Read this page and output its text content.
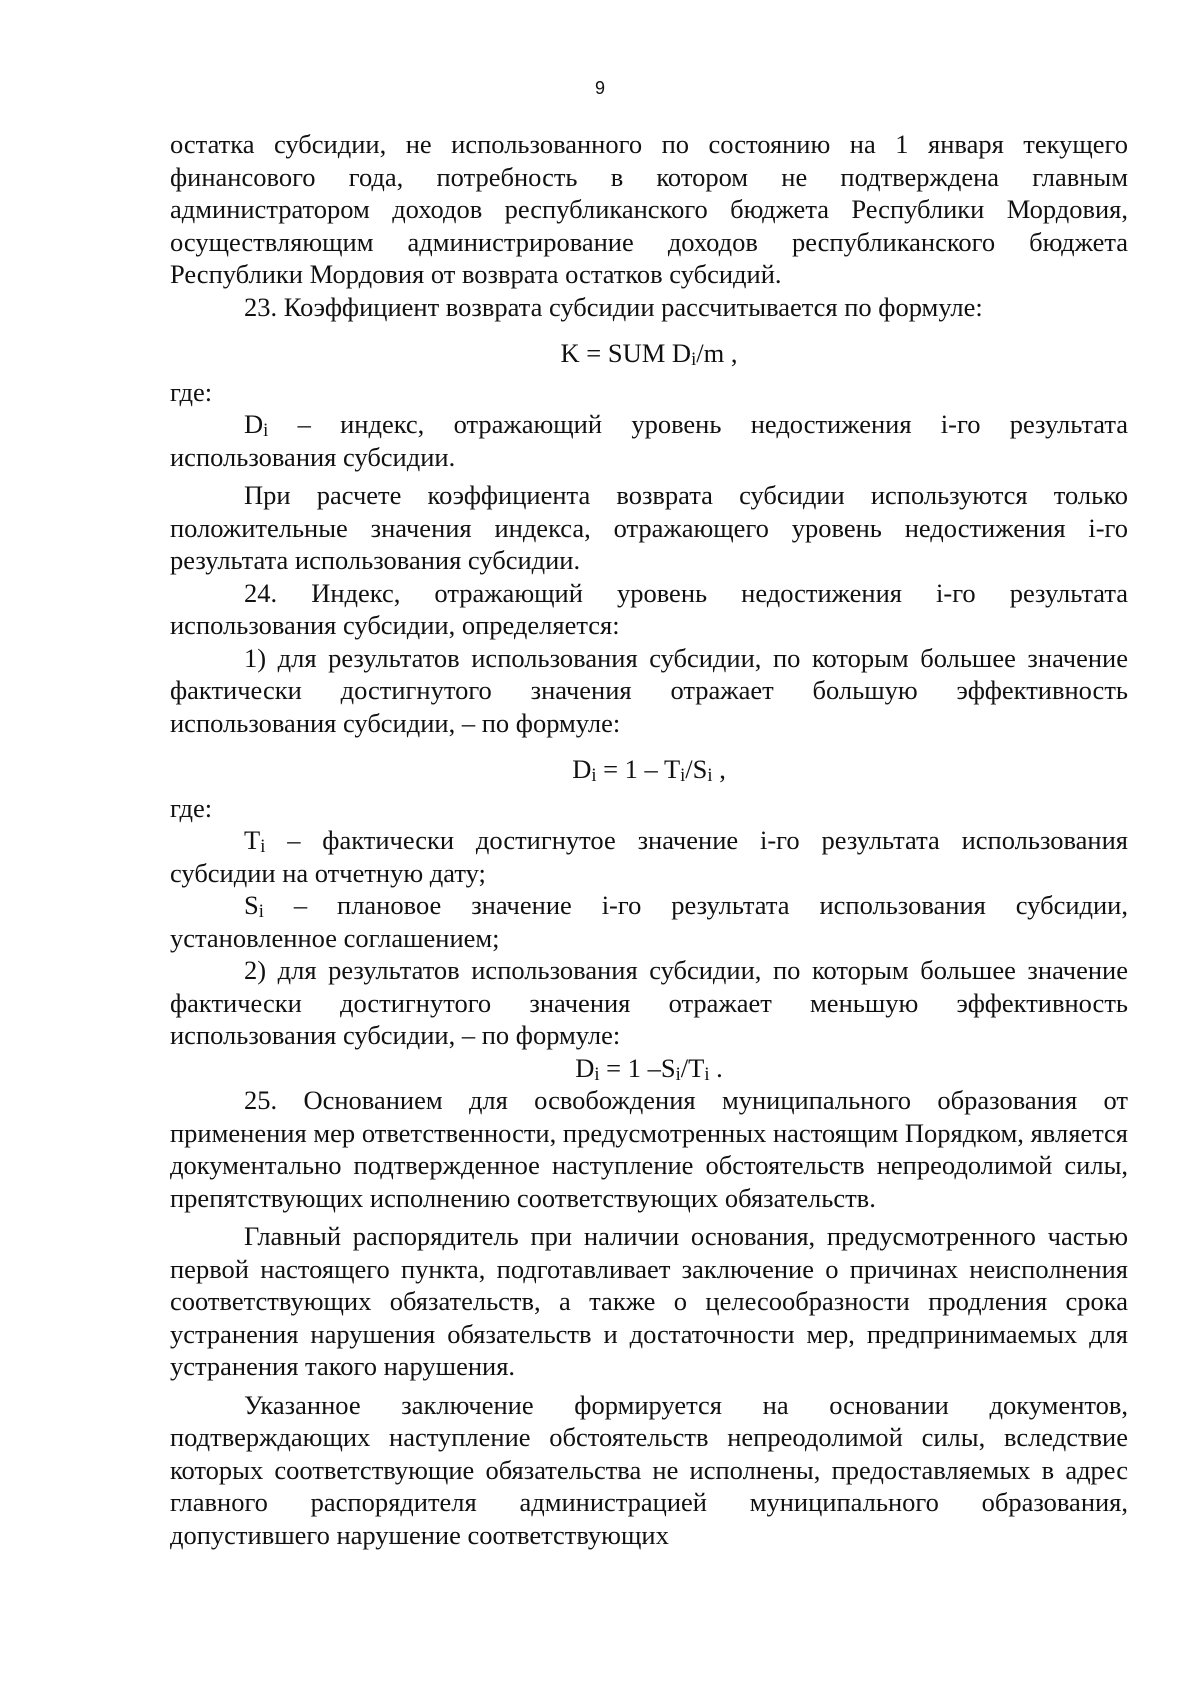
9

остатка субсидии, не использованного по состоянию на 1 января текущего финансового года, потребность в котором не подтверждена главным администратором доходов республиканского бюджета Республики Мордовия, осуществляющим администрирование доходов республиканского бюджета Республики Мордовия от возврата остатков субсидий.

23. Коэффициент возврата субсидии рассчитывается по формуле:

K = SUM $D_i/m$ ,

где:

$D_i$ – индекс, отражающий уровень недостижения i-го результата использования субсидии.

При расчете коэффициента возврата субсидии используются только положительные значения индекса, отражающего уровень недостижения i-го результата использования субсидии.

24. Индекс, отражающий уровень недостижения i-го результата использования субсидии, определяется:

1) для результатов использования субсидии, по которым большее значение фактически достигнутого значения отражает большую эффективность использования субсидии, – по формуле:

$D_i = 1 - T_i/S_i$ ,

где:

$T_i$ – фактически достигнутое значение i-го результата использования субсидии на отчетную дату;

$S_i$ – плановое значение i-го результата использования субсидии, установленное соглашением;

2) для результатов использования субсидии, по которым большее значение фактически достигнутого значения отражает меньшую эффективность использования субсидии, – по формуле:

$D_i = 1$ $-S_i/T_i$ .

25. Основанием для освобождения муниципального образования от применения мер ответственности, предусмотренных настоящим Порядком, является документально подтвержденное наступление обстоятельств непреодолимой силы, препятствующих исполнению соответствующих обязательств.

Главный распорядитель при наличии основания, предусмотренного частью первой настоящего пункта, подготавливает заключение о причинах неисполнения соответствующих обязательств, а также о целесообразности продления срока устранения нарушения обязательств и достаточности мер, предпринимаемых для устранения такого нарушения.

Указанное заключение формируется на основании документов, подтверждающих наступление обстоятельств непреодолимой силы, вследствие которых соответствующие обязательства не исполнены, предоставляемых в адрес главного распорядителя администрацией муниципального образования, допустившего нарушение соответствующих
